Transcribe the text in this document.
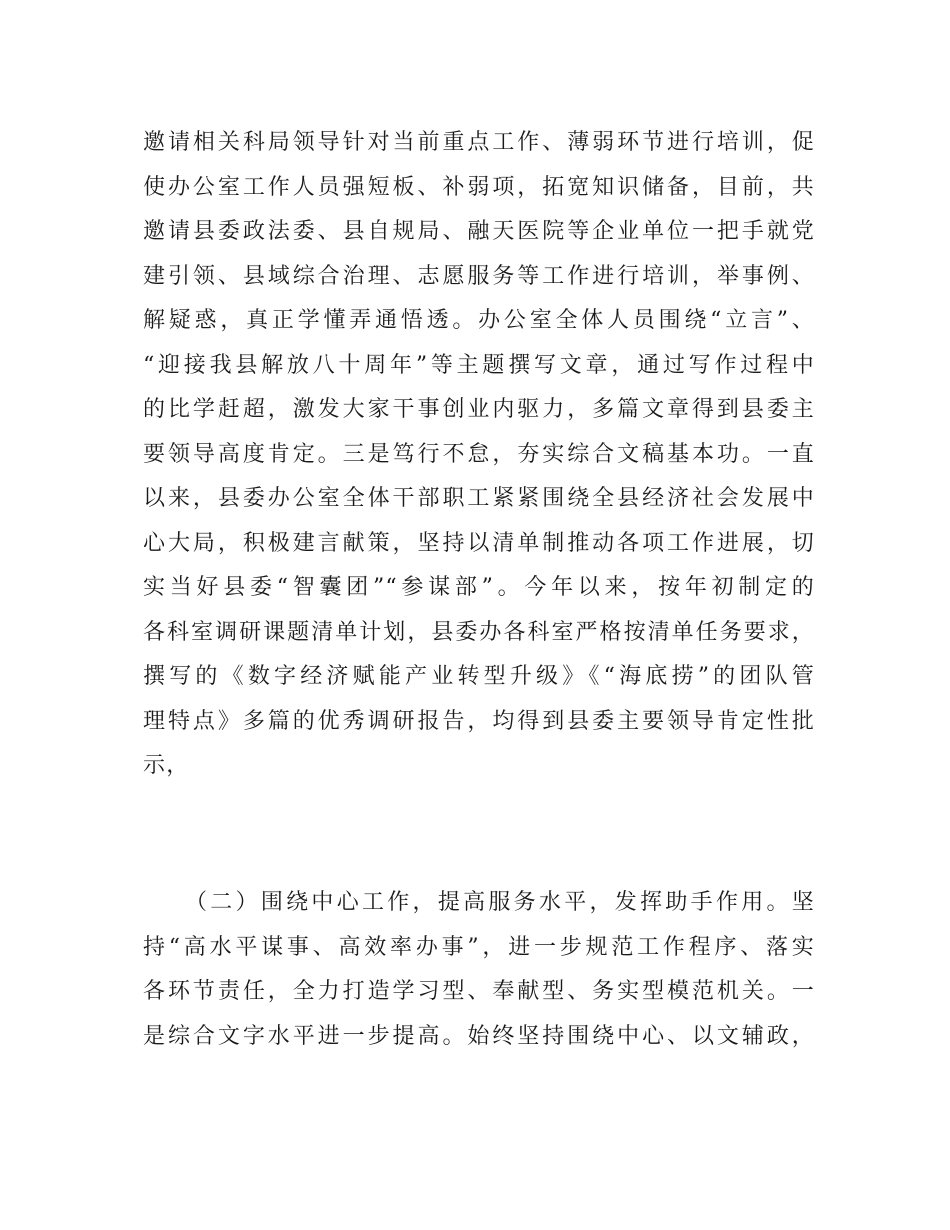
邀请相关科局领导针对当前重点工作、薄弱环节进行培训，促
使办公室工作人员强短板、补弱项，拓宽知识储备，目前，共
邀请县委政法委、县自规局、融天医院等企业单位一把手就党
建引领、县域综合治理、志愿服务等工作进行培训，举事例、
解疑惑，真正学懂弄通悟透。办公室全体人员围绕“立言”、
“迎接我县解放八十周年”等主题撰写文章，通过写作过程中
的比学赶超，激发大家干事创业内驱力，多篇文章得到县委主
要领导高度肯定。三是笃行不怠，夯实综合文稿基本功。一直
以来，县委办公室全体干部职工紧紧围绕全县经济社会发展中
心大局，积极建言献策，坚持以清单制推动各项工作进展，切
实当好县委“智囊团”“参谋部”。今年以来，按年初制定的
各科室调研课题清单计划，县委办各科室严格按清单任务要求，
撰写的《数字经济赋能产业转型升级》《“海底捞”的团队管
理特点》多篇的优秀调研报告，均得到县委主要领导肯定性批
示，
（二）围绕中心工作，提高服务水平，发挥助手作用。坚
持“高水平谋事、高效率办事”，进一步规范工作程序、落实
各环节责任，全力打造学习型、奉献型、务实型模范机关。一
是综合文字水平进一步提高。始终坚持围绕中心、以文辅政，
